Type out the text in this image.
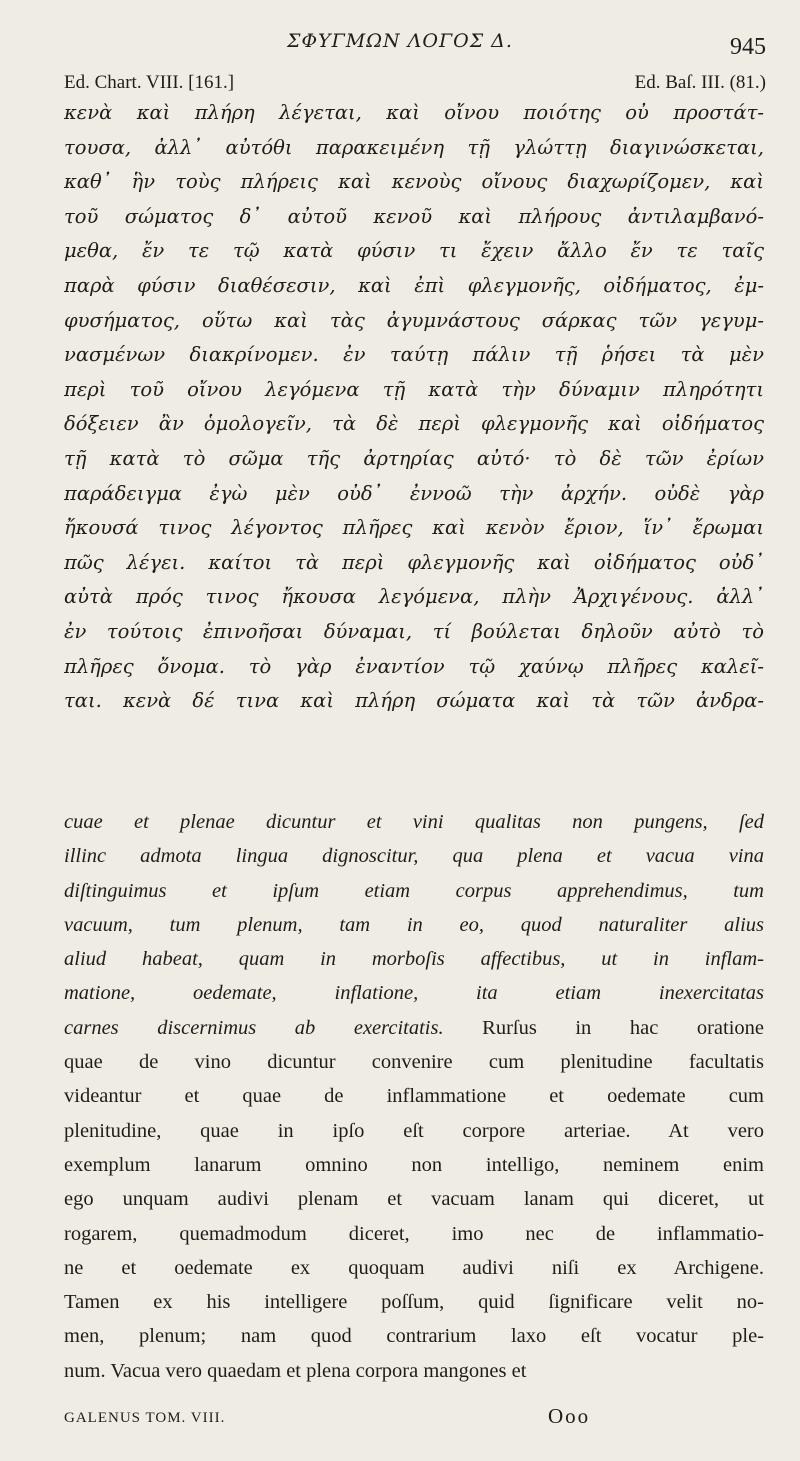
ΣΦΥΓΜΩΝ ΛΟΓΟΣ Δ.	945
Ed. Chart. VIII. [161.]	Ed. Baſ. III. (81.)
κενὰ καὶ πλήρη λέγεται, καὶ οἴνου ποιότης οὐ προστάτ-
τουσα, ἀλλ᾽ αὐτόθι παρακειμένη τῇ γλώττῃ διαγινώσκεται,
καθ᾽ ἣν τοὺς πλήρεις καὶ κενοὺς οἴνους διαχωρίζομεν, καὶ
τοῦ σώματος δ᾽ αὐτοῦ κενοῦ καὶ πλήρους ἀντιλαμβανό-
μεθα, ἔν τε τῷ κατὰ φύσιν τι ἔχειν ἄλλο ἔν τε ταῖς
παρὰ φύσιν διαθέσεσιν, καὶ ἐπὶ φλεγμονῆς, οἰδήματος, ἐμ-
φυσήματος, οὕτω καὶ τὰς ἀγυμνάστους σάρκας τῶν γεγυμ-
νασμένων διακρίνομεν. ἐν ταύτῃ πάλιν τῇ ῥήσει τὰ μὲν
περὶ τοῦ οἴνου λεγόμενα τῇ κατὰ τὴν δύναμιν πληρότητι
δόξειεν ἂν ὁμολογεῖν, τὰ δὲ περὶ φλεγμονῆς καὶ οἰδήματος
τῇ κατὰ τὸ σῶμα τῆς ἀρτηρίας αὐτό· τὸ δὲ τῶν ἐρίων
παράδειγμα ἐγὼ μὲν οὐδ᾽ ἐννοῶ τὴν ἀρχήν. οὐδὲ γὰρ
ἤκουσά τινος λέγοντος πλῆρες καὶ κενὸν ἔριον, ἵν᾽ ἔρωμαι
πῶς λέγει. καίτοι τὰ περὶ φλεγμονῆς καὶ οἰδήματος οὐδ᾽
αὐτὰ πρός τινος ἤκουσα λεγόμενα, πλὴν Ἀρχιγένους. ἀλλ᾽
ἐν τούτοις ἐπινοῆσαι δύναμαι, τί βούλεται δηλοῦν αὐτὸ τὸ
πλῆρες ὄνομα. τὸ γὰρ ἐναντίον τῷ χαύνῳ πλῆρες καλεῖ-
ται. κενὰ δέ τινα καὶ πλήρη σώματα καὶ τὰ τῶν ἀνδρα-
cuae et plenae dicuntur et vini qualitas non pungens, ſed
illinc admota lingua dignoscitur, qua plena et vacua vina
diſtinguimus et ipſum etiam corpus apprehendimus, tum
vacuum, tum plenum, tam in eo, quod naturaliter alius
aliud habeat, quam in morboſis affectibus, ut in inflam-
matione, oedemate, inflatione, ita etiam inexercitatas
carnes discernimus ab exercitatis. Rurſus in hac oratione
quae de vino dicuntur convenire cum plenitudine facultatis
videantur et quae de inflammatione et oedemate cum
plenitudine, quae in ipſo eſt corpore arteriae. At vero
exemplum lanarum omnino non intelligo, neminem enim
ego unquam audivi plenam et vacuam lanam qui diceret, ut
rogarem, quemadmodum diceret, imo nec de inflammatio-
ne et oedemate ex quoquam audivi niſi ex Archigene.
Tamen ex his intelligere poſſum, quid ſignificare velit no-
men, plenum; nam quod contrarium laxo eſt vocatur ple-
num. Vacua vero quaedam et plena corpora mangones et
GALENUS TOM. VIII.	Ooo
